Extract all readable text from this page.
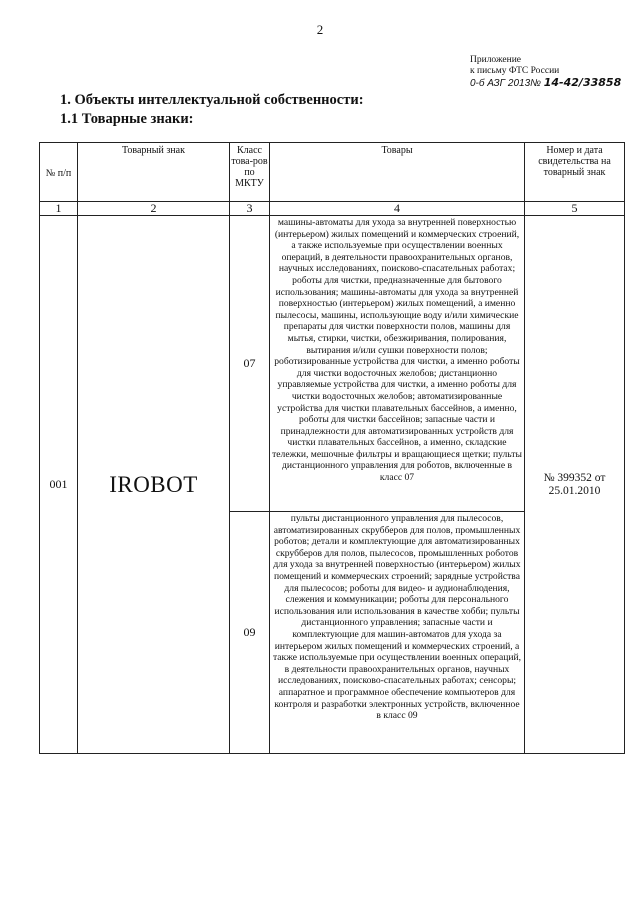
2
Приложение
к письму ФТС России
0-б АЗГ 2013№ 14-42/33858
1. Объекты интеллектуальной собственности:
1.1 Товарные знаки:
№ п/п	Товарный знак	Класс това-ров по МКТУ	Товары	Номер и дата свидетельства на товарный знак
1	2	3	4	5
001	IROBOT	07	машины-автоматы для ухода за внутренней поверхностью (интерьером) жилых помещений и коммерческих строений, а также используемые при осуществлении военных операций, в деятельности правоохранительных органов, научных исследованиях, поисково-спасательных работах; роботы для чистки, предназначенные для бытового использования; машины-автоматы для ухода за внутренней поверхностью (интерьером) жилых помещений, а именно пылесосы, машины, использующие воду и/или химические препараты для чистки поверхности полов, машины для мытья, стирки, чистки, обезжиривания, полирования, вытирания и/или сушки поверхности полов; роботизированные устройства для чистки, а именно роботы для чистки водосточных желобов; дистанционно управляемые устройства для чистки, а именно роботы для чистки водосточных желобов; автоматизированные устройства для чистки плавательных бассейнов, а именно, роботы для чистки бассейнов; запасные части и принадлежности для автоматизированных устройств для чистки плавательных бассейнов, а именно, складские тележки, мешочные фильтры и вращающиеся щетки; пульты дистанционного управления для роботов, включенные в класс 07	№ 399352 от
25.01.2010

		09	пульты дистанционного управления для пылесосов, автоматизированных скрубберов для полов, промышленных роботов; детали и комплектующие для автоматизированных скрубберов для полов, пылесосов, промышленных роботов для ухода за внутренней поверхностью (интерьером) жилых помещений и коммерческих строений; зарядные устройства для пылесосов; роботы для видео- и аудионаблюдения, слежения и коммуникации; роботы для персонального использования или использования в качестве хобби; пульты дистанционного управления; запасные части и комплектующие для машин-автоматов для ухода за интерьером жилых помещений и коммерческих строений, а также используемые при осуществлении военных операций, в деятельности правоохранительных органов, научных исследованиях, поисково-спасательных работах; сенсоры; аппаратное и программное обеспечение компьютеров для контроля и разработки электронных устройств, включенное в класс 09	
